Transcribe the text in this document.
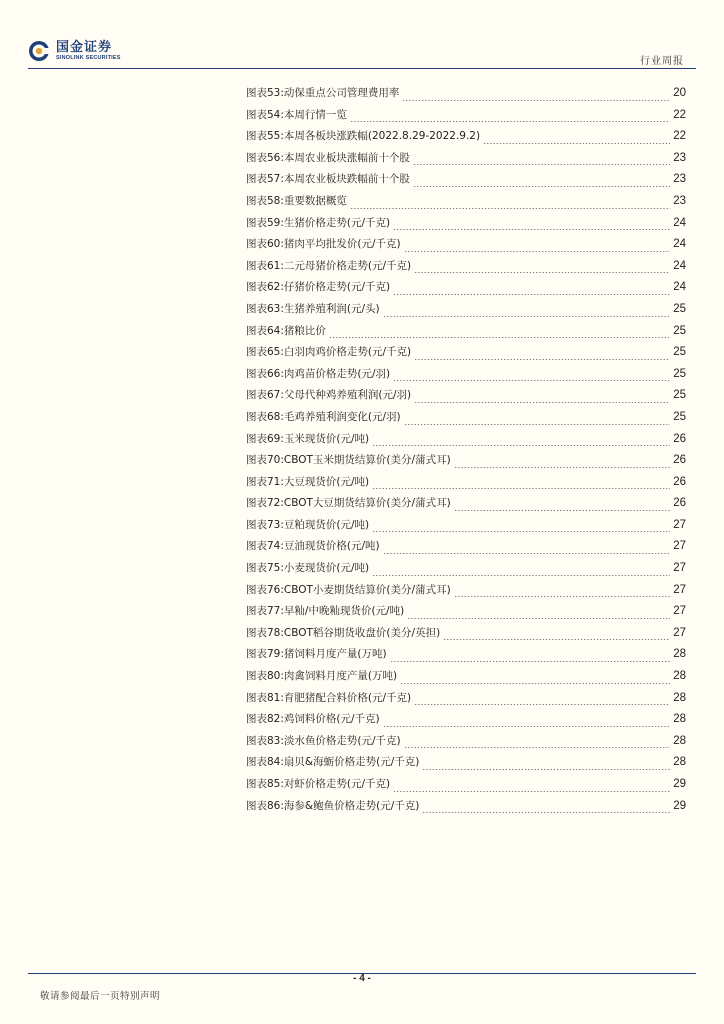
国金证券
SINOLINK SECURITIES	行业周报
图表53: 动保重点公司管理费用率	20
图表54: 本周行情一览	22
图表55: 本周各板块涨跌幅(2022.8.29-2022.9.2)	22
图表56: 本周农业板块涨幅前十个股	23
图表57: 本周农业板块跌幅前十个股	23
图表58: 重要数据概览	23
图表59: 生猪价格走势(元/千克)	24
图表60: 猪肉平均批发价(元/千克)	24
图表61: 二元母猪价格走势(元/千克)	24
图表62: 仔猪价格走势(元/千克)	24
图表63: 生猪养殖利润(元/头)	25
图表64: 猪粮比价	25
图表65: 白羽肉鸡价格走势(元/千克)	25
图表66: 肉鸡苗价格走势(元/羽)	25
图表67: 父母代种鸡养殖利润(元/羽)	25
图表68: 毛鸡养殖利润变化(元/羽)	25
图表69: 玉米现货价(元/吨)	26
图表70: CBOT玉米期货结算价(美分/蒲式耳)	26
图表71: 大豆现货价(元/吨)	26
图表72: CBOT大豆期货结算价(美分/蒲式耳)	26
图表73: 豆粕现货价(元/吨)	27
图表74: 豆油现货价格(元/吨)	27
图表75: 小麦现货价(元/吨)	27
图表76: CBOT小麦期货结算价(美分/蒲式耳)	27
图表77: 早籼/中晚籼现货价(元/吨)	27
图表78: CBOT稻谷期货收盘价(美分/英担)	27
图表79: 猪饲料月度产量(万吨)	28
图表80: 肉禽饲料月度产量(万吨)	28
图表81: 育肥猪配合料价格(元/千克)	28
图表82: 鸡饲料价格(元/千克)	28
图表83: 淡水鱼价格走势(元/千克)	28
图表84: 扇贝&海蛎价格走势(元/千克)	28
图表85: 对虾价格走势(元/千克)	29
图表86: 海参&鲍鱼价格走势(元/千克)	29
- 4 -
敬请参阅最后一页特别声明
